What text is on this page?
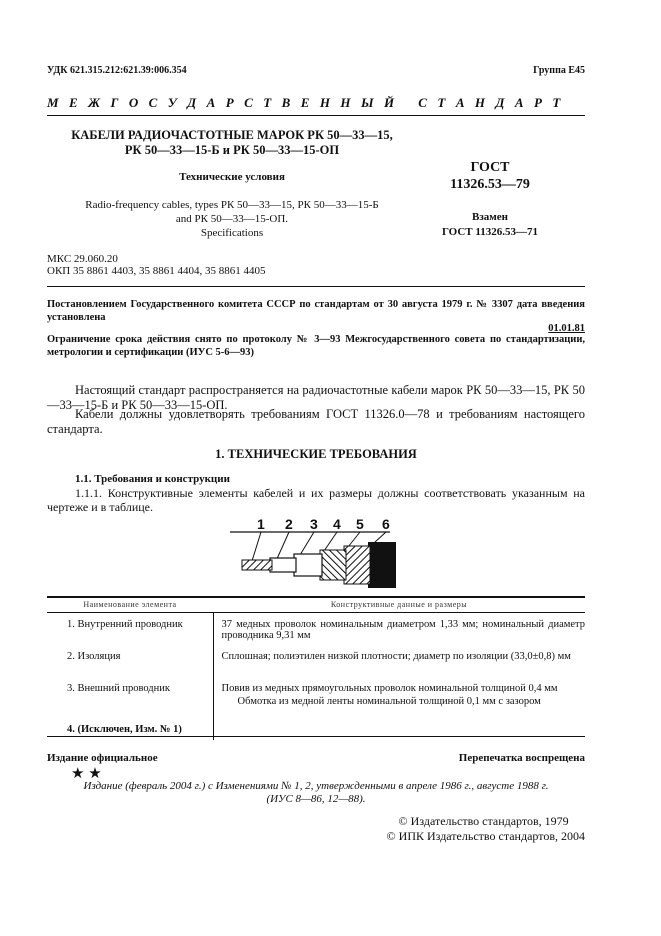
УДК 621.315.212:621.39:006.354	Группа Е45
М Е Ж Г О С У Д А Р С Т В Е Н Н Ы Й   С Т А Н Д А Р Т
КАБЕЛИ РАДИОЧАСТОТНЫЕ МАРОК РК 50—33—15,
РК 50—33—15-Б и РК 50—33—15-ОП
Технические условия
Radio-frequency cables, types РК 50—33—15, РК 50—33—15-Б
and РК 50—33—15-ОП.
Specifications
ГОСТ
11326.53—79
Взамен
ГОСТ 11326.53—71
МКС 29.060.20
ОКП 35 8861 4403, 35 8861 4404, 35 8861 4405
Постановлением Государственного комитета СССР по стандартам от 30 августа 1979 г. № 3307 дата введения установлена
01.01.81
Ограничение срока действия снято по протоколу № 3—93 Межгосударственного совета по стандартизации, метрологии и сертификации (ИУС 5-6—93)
Настоящий стандарт распространяется на радиочастотные кабели марок РК 50—33—15, РК 50—33—15-Б и РК 50—33—15-ОП.
Кабели должны удовлетворять требованиям ГОСТ 11326.0—78 и требованиям настоящего стандарта.
1. ТЕХНИЧЕСКИЕ ТРЕБОВАНИЯ
1.1. Требования и конструкции
1.1.1. Конструктивные элементы кабелей и их размеры должны соответствовать указанным на чертеже и в таблице.
1 2 3 4 5 6
Наименование элемента	Конструктивные данные и размеры

1. Внутренний проводник	37 медных проволок номинальным диаметром 1,33 мм; номинальный диаметр проводника 9,31 мм

2. Изоляция	Сплошная; полиэтилен низкой плотности; диаметр по изоляции (33,0±0,8) мм

3. Внешний проводник	Повив из медных прямоугольных проволок номинальной толщиной 0,4 мм
Обмотка из медной ленты номинальной толщиной 0,1 мм с зазором

4. (Исключен, Изм. № 1)	

Издание официальное	Перепечатка воспрещена
★ ★
Издание (февраль 2004 г.) с Изменениями № 1, 2, утвержденными в апреле 1986 г., августе 1988 г.
(ИУС 8—86, 12—88).
© Издательство стандартов, 1979
© ИПК Издательство стандартов, 2004
